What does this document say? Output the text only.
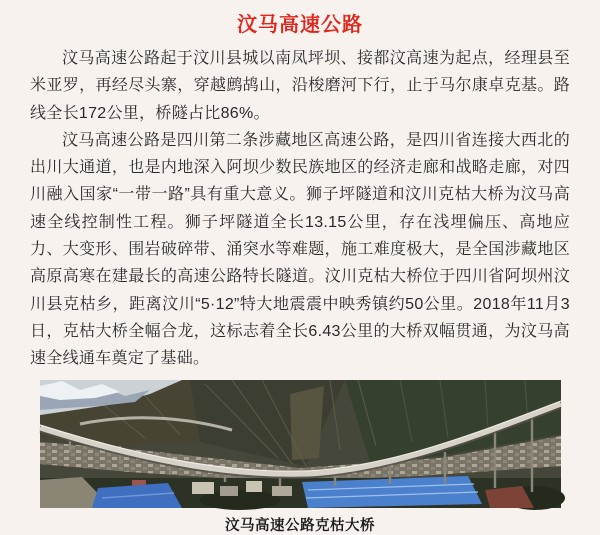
汶马高速公路

汶马高速公路起于汶川县城以南凤坪坝、接都汶高速为起点，经理县至米亚罗，再经尽头寨，穿越鹧鸪山，沿梭磨河下行，止于马尔康卓克基。路线全长172公里，桥隧占比86%。

汶马高速公路是四川第二条涉藏地区高速公路，是四川省连接大西北的出川大通道，也是内地深入阿坝少数民族地区的经济走廊和战略走廊，对四川融入国家“一带一路”具有重大意义。狮子坪隧道和汶川克枯大桥为汶马高速全线控制性工程。狮子坪隧道全长13.15公里，存在浅埋偏压、高地应力、大变形、围岩破碎带、涌突水等难题，施工难度极大，是全国涉藏地区高原高寒在建最长的高速公路特长隧道。汶川克枯大桥位于四川省阿坝州汶川县克枯乡，距离汶川“5·12”特大地震震中映秀镇约50公里。2018年11月3日，克枯大桥全幅合龙，这标志着全长6.43公里的大桥双幅贯通，为汶马高速全线通车奠定了基础。

汶马高速公路克枯大桥
